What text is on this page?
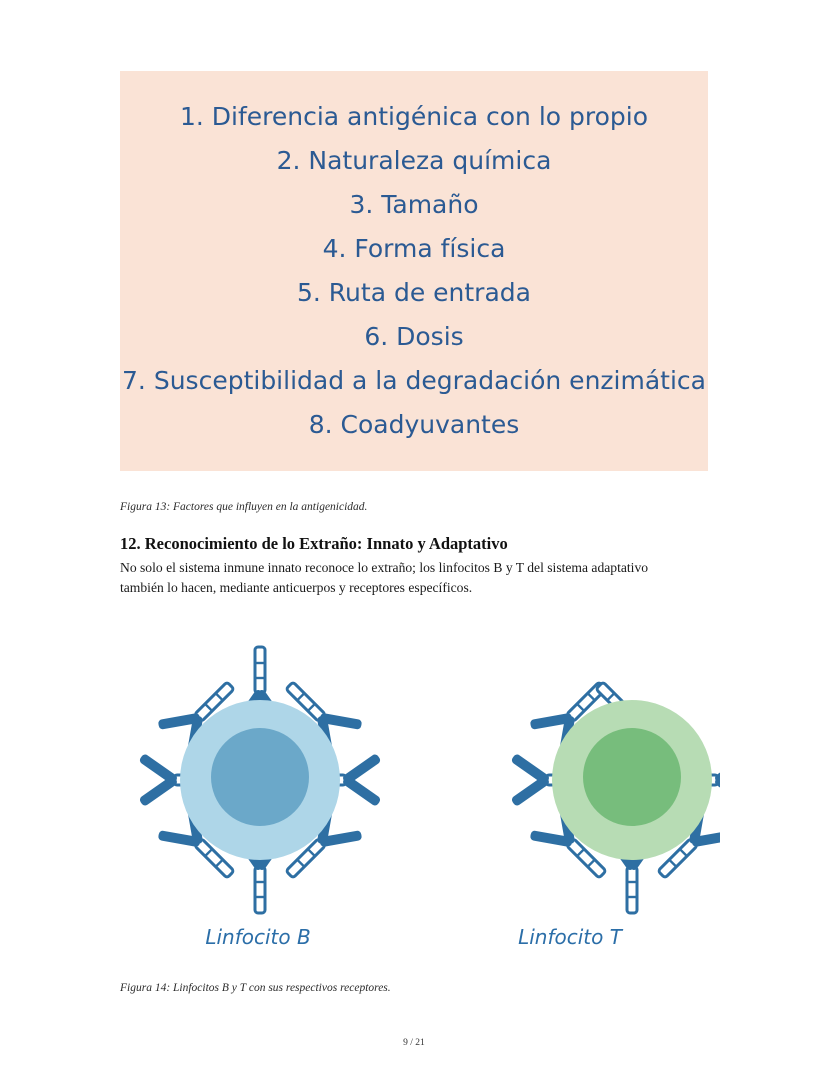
1. Diferencia antigénica con lo propio
2. Naturaleza química
3. Tamaño
4. Forma física
5. Ruta de entrada
6. Dosis
7. Susceptibilidad a la degradación enzimática
8. Coadyuvantes
Figura 13: Factores que influyen en la antigenicidad.
12. Reconocimiento de lo Extraño: Innato y Adaptativo
No solo el sistema inmune innato reconoce lo extraño; los linfocitos B y T del sistema adaptativo también lo hacen, mediante anticuerpos y receptores específicos.
Linfocito B	Linfocito T
Figura 14: Linfocitos B y T con sus respectivos receptores.
9 / 21
